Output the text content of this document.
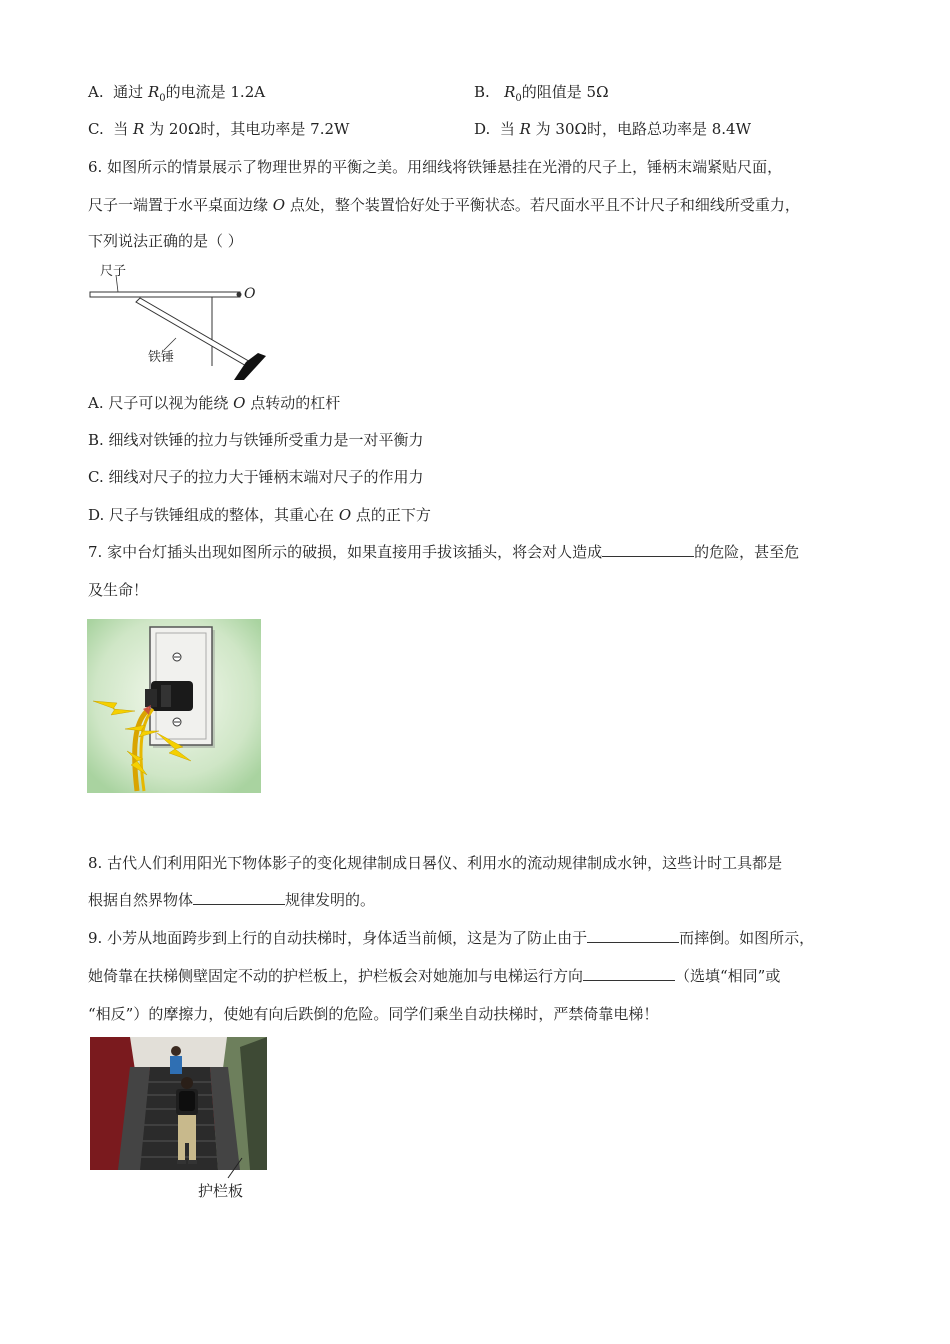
A. 通过 $R_0$的电流是 1.2A	B. $R_0$的阻值是 5Ω
C. 当 R 为 20Ω时，其电功率是 7.2W	D. 当 R 为 30Ω时，电路总功率是 8.4W
6. 如图所示的情景展示了物理世界的平衡之美。用细线将铁锤悬挂在光滑的尺子上，锤柄末端紧贴尺面，
尺子一端置于水平桌面边缘 O 点处，整个装置恰好处于平衡状态。若尺面水平且不计尺子和细线所受重力，
下列说法正确的是（ ）
尺子
O
铁锤
A. 尺子可以视为能绕 O 点转动的杠杆
B. 细线对铁锤的拉力与铁锤所受重力是一对平衡力
C. 细线对尺子的拉力大于锤柄末端对尺子的作用力
D. 尺子与铁锤组成的整体，其重心在 O 点的正下方
7. 家中台灯插头出现如图所示的破损，如果直接用手拔该插头，将会对人造成	的危险，甚至危
及生命！
8. 古代人们利用阳光下物体影子的变化规律制成日晷仪、利用水的流动规律制成水钟，这些计时工具都是
根据自然界物体	规律发明的。
9. 小芳从地面跨步到上行的自动扶梯时，身体适当前倾，这是为了防止由于	而摔倒。如图所示，
她倚靠在扶梯侧壁固定不动的护栏板上，护栏板会对她施加与电梯运行方向	（选填“相同”或
“相反”）的摩擦力，使她有向后跌倒的危险。同学们乘坐自动扶梯时，严禁倚靠电梯！
护栏板
